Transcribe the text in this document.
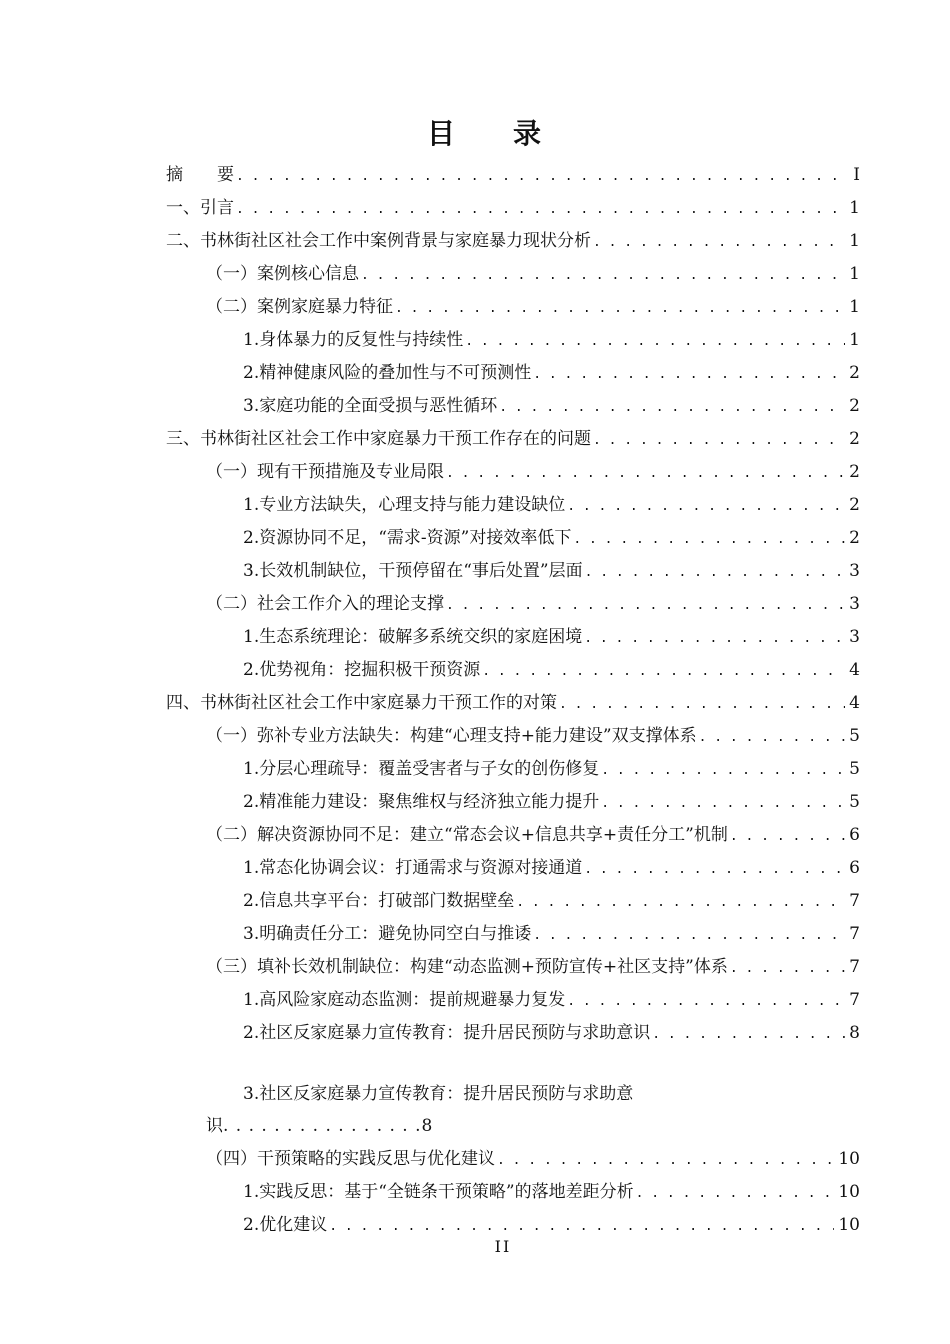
目录
摘　　要 . . .	I
一、引言 . . .	1
二、书林街社区社会工作中案例背景与家庭暴力现状分析 . . .	1
（一）案例核心信息 . . .	1
（二）案例家庭暴力特征 . . .	1
1.身体暴力的反复性与持续性 . . .	1
2.精神健康风险的叠加性与不可预测性 . . .	2
3.家庭功能的全面受损与恶性循环 . . .	2
三、书林街社区社会工作中家庭暴力干预工作存在的问题 . . .	2
（一）现有干预措施及专业局限 . . .	2
1.专业方法缺失，心理支持与能力建设缺位 . . .	2
2.资源协同不足，“需求-资源”对接效率低下 . . .	2
3.长效机制缺位，干预停留在“事后处置”层面 . . .	3
（二）社会工作介入的理论支撑 . . .	3
1.生态系统理论：破解多系统交织的家庭困境 . . .	3
2.优势视角：挖掘积极干预资源 . . .	4
四、书林街社区社会工作中家庭暴力干预工作的对策 . . .	4
（一）弥补专业方法缺失：构建“心理支持+能力建设”双支撑体系 . . .	5
1.分层心理疏导：覆盖受害者与子女的创伤修复 . . .	5
2.精准能力建设：聚焦维权与经济独立能力提升 . . .	5
（二）解决资源协同不足：建立“常态会议+信息共享+责任分工”机制 . . .	6
1.常态化协调会议：打通需求与资源对接通道 . . .	6
2.信息共享平台：打破部门数据壁垒 . . .	7
3.明确责任分工：避免协同空白与推诿 . . .	7
（三）填补长效机制缺位：构建“动态监测+预防宣传+社区支持”体系 . . .	7
1.高风险家庭动态监测：提前规避暴力复发 . . .	7
2.社区反家庭暴力宣传教育：提升居民预防与求助意识 . . .	8
3.社区反家庭暴力宣传教育：提升居民预防与求助意
识. . . . . . . . . . . . . . . .8
（四）干预策略的实践反思与优化建议 . . .	10
1.实践反思：基于“全链条干预策略”的落地差距分析 . . .	10
2.优化建议 . . .	10
II
